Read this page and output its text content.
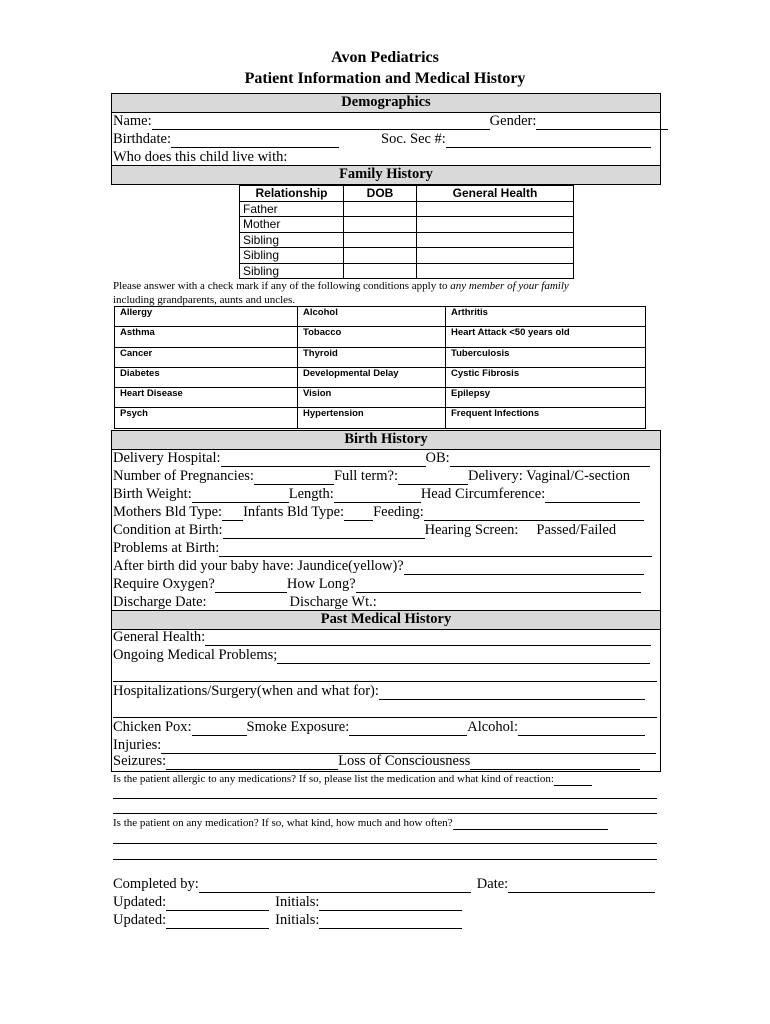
Avon Pediatrics
Patient Information and Medical History
Demographics
Name:	Gender:
Birthdate:	Soc. Sec #:
Who does this child live with:
Family History
Relationship	DOB	General Health
Father		
Mother		
Sibling		
Sibling		
Sibling		
Please answer with a check mark if any of the following conditions apply to any member of your family
including grandparents, aunts and uncles.
Allergy	Alcohol	Arthritis
Asthma	Tobacco	Heart Attack <50 years old
Cancer	Thyroid	Tuberculosis
Diabetes	Developmental Delay	Cystic Fibrosis
Heart Disease	Vision	Epilepsy
Psych	Hypertension	Frequent Infections
Birth History
Delivery Hospital:	OB:
Number of Pregnancies:	Full term?:	Delivery: Vaginal/C-section
Birth Weight:	Length:	Head Circumference:
Mothers Bld Type: Infants Bld Type: Feeding:
Condition at Birth:	Hearing Screen: Passed/Failed
Problems at Birth:
After birth did your baby have: Jaundice(yellow)?
Require Oxygen?	How Long?
Discharge Date:	Discharge Wt.:
Past Medical History
General Health:
Ongoing Medical Problems;
Hospitalizations/Surgery(when and what for):
Chicken Pox:	Smoke Exposure:	Alcohol:
Injuries:
Seizures:	Loss of Consciousness
Is the patient allergic to any medications? If so, please list the medication and what kind of reaction:
Is the patient on any medication? If so, what kind, how much and how often?
Completed by:	Date:
Updated:	Initials:
Updated:	Initials:
